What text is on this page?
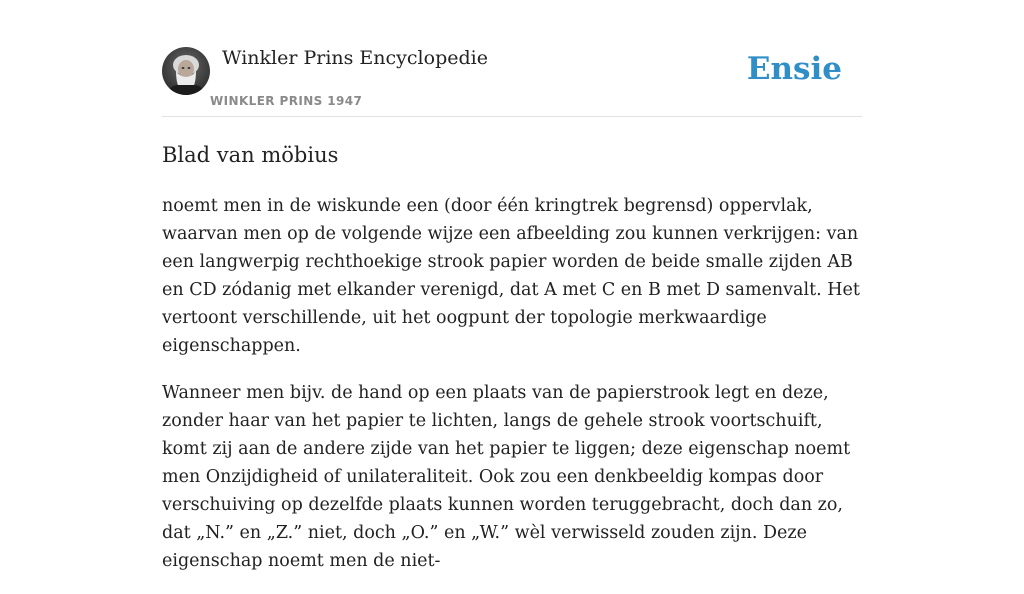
Winkler Prins Encyclopedie
WINKLER PRINS 1947
Ensie
Blad van möbius

noemt men in de wiskunde een (door één kringtrek begrensd) oppervlak, waarvan men op de volgende wijze een afbeelding zou kunnen verkrijgen: van een langwerpig rechthoekige strook papier worden de beide smalle zijden AB en CD zódanig met elkander verenigd, dat A met C en B met D samenvalt. Het vertoont verschillende, uit het oogpunt der topologie merkwaardige eigenschappen.

Wanneer men bijv. de hand op een plaats van de papierstrook legt en deze, zonder haar van het papier te lichten, langs de gehele strook voortschuift, komt zij aan de andere zijde van het papier te liggen; deze eigenschap noemt men Onzijdigheid of unilateraliteit. Ook zou een denkbeeldig kompas door verschuiving op dezelfde plaats kunnen worden teruggebracht, doch dan zo, dat „N.” en „Z.” niet, doch „O.” en „W.” wèl verwisseld zouden zijn. Deze eigenschap noemt men de niet-
